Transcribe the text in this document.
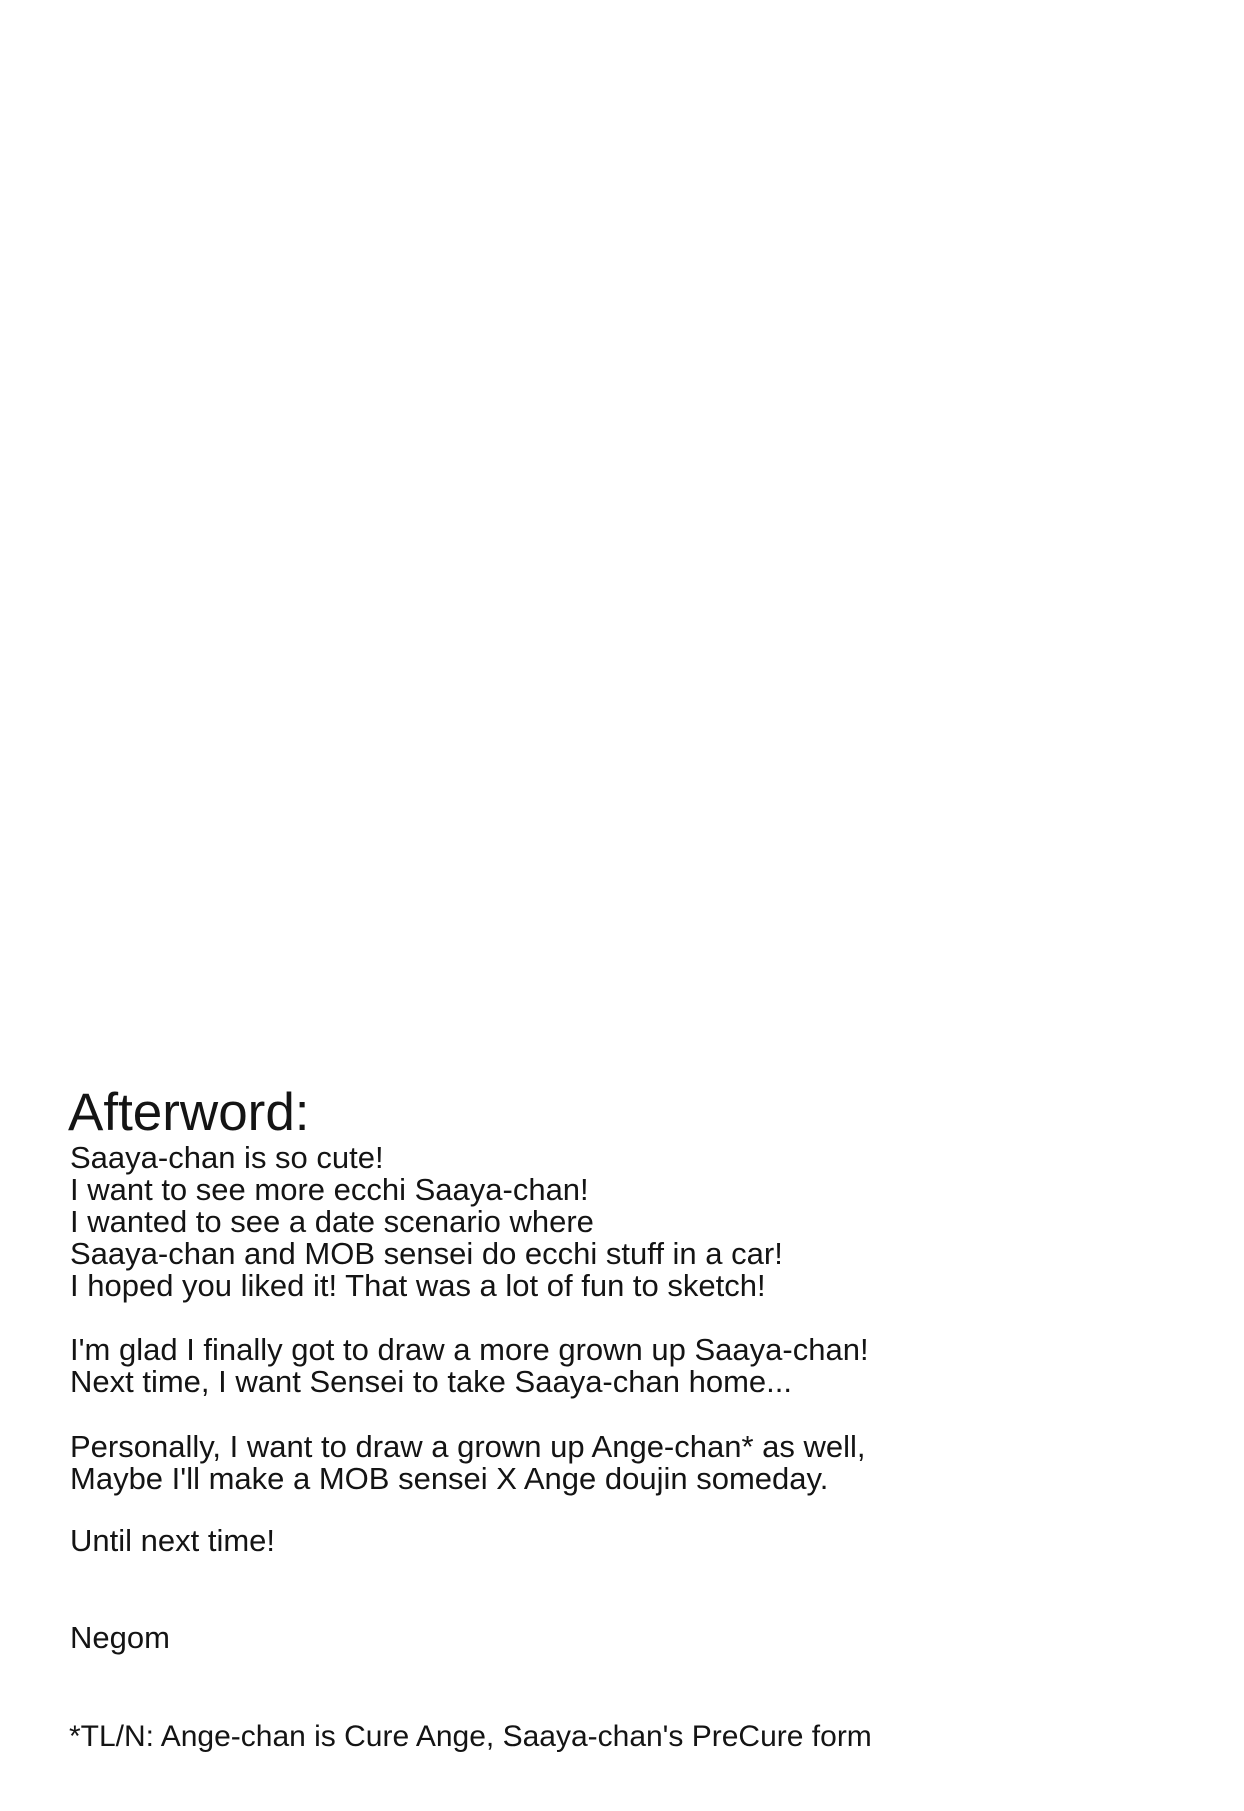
Afterword:

Saaya-chan is so cute!
I want to see more ecchi Saaya-chan!
I wanted to see a date scenario where
Saaya-chan and MOB sensei do ecchi stuff in a car!
I hoped you liked it! That was a lot of fun to sketch!

I'm glad I finally got to draw a more grown up Saaya-chan!
Next time, I want Sensei to take Saaya-chan home...

Personally, I want to draw a grown up Ange-chan* as well,
Maybe I'll make a MOB sensei X Ange doujin someday.

Until next time!

Negom

*TL/N: Ange-chan is Cure Ange, Saaya-chan's PreCure form
